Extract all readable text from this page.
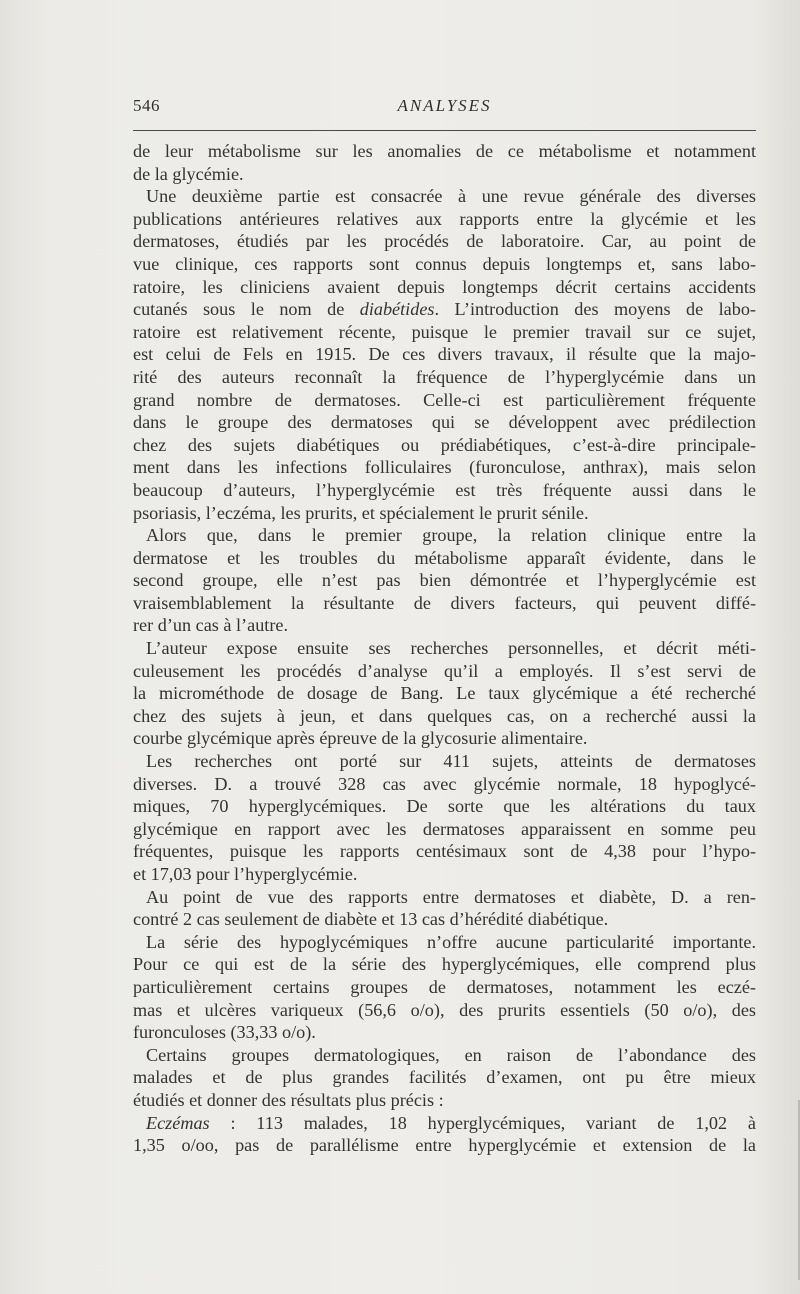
546	ANALYSES

de leur métabolisme sur les anomalies de ce métabolisme et notamment
de la glycémie.

Une deuxième partie est consacrée à une revue générale des diverses
publications antérieures relatives aux rapports entre la glycémie et les
dermatoses, étudiés par les procédés de laboratoire. Car, au point de
vue clinique, ces rapports sont connus depuis longtemps et, sans labo-
ratoire, les cliniciens avaient depuis longtemps décrit certains accidents
cutanés sous le nom de diabétides. L’introduction des moyens de labo-
ratoire est relativement récente, puisque le premier travail sur ce sujet,
est celui de Fels en 1915. De ces divers travaux, il résulte que la majo-
rité des auteurs reconnaît la fréquence de l’hyperglycémie dans un
grand nombre de dermatoses. Celle-ci est particulièrement fréquente
dans le groupe des dermatoses qui se développent avec prédilection
chez des sujets diabétiques ou prédiabétiques, c’est-à-dire principale-
ment dans les infections folliculaires (furonculose, anthrax), mais selon
beaucoup d’auteurs, l’hyperglycémie est très fréquente aussi dans le
psoriasis, l’eczéma, les prurits, et spécialement le prurit sénile.

Alors que, dans le premier groupe, la relation clinique entre la
dermatose et les troubles du métabolisme apparaît évidente, dans le
second groupe, elle n’est pas bien démontrée et l’hyperglycémie est
vraisemblablement la résultante de divers facteurs, qui peuvent diffé-
rer d’un cas à l’autre.

L’auteur expose ensuite ses recherches personnelles, et décrit méti-
culeusement les procédés d’analyse qu’il a employés. Il s’est servi de
la microméthode de dosage de Bang. Le taux glycémique a été recherché
chez des sujets à jeun, et dans quelques cas, on a recherché aussi la
courbe glycémique après épreuve de la glycosurie alimentaire.

Les recherches ont porté sur 411 sujets, atteints de dermatoses
diverses. D. a trouvé 328 cas avec glycémie normale, 18 hypoglycé-
miques, 70 hyperglycémiques. De sorte que les altérations du taux
glycémique en rapport avec les dermatoses apparaissent en somme peu
fréquentes, puisque les rapports centésimaux sont de 4,38 pour l’hypo-
et 17,03 pour l’hyperglycémie.

Au point de vue des rapports entre dermatoses et diabète, D. a ren-
contré 2 cas seulement de diabète et 13 cas d’hérédité diabétique.

La série des hypoglycémiques n’offre aucune particularité importante.
Pour ce qui est de la série des hyperglycémiques, elle comprend plus
particulièrement certains groupes de dermatoses, notamment les eczé-
mas et ulcères variqueux (56,6 o/o), des prurits essentiels (50 o/o), des
furonculoses (33,33 o/o).

Certains groupes dermatologiques, en raison de l’abondance des
malades et de plus grandes facilités d’examen, ont pu être mieux
étudiés et donner des résultats plus précis :

Eczémas : 113 malades, 18 hyperglycémiques, variant de 1,02 à
1,35 o/oo, pas de parallélisme entre hyperglycémie et extension de la
